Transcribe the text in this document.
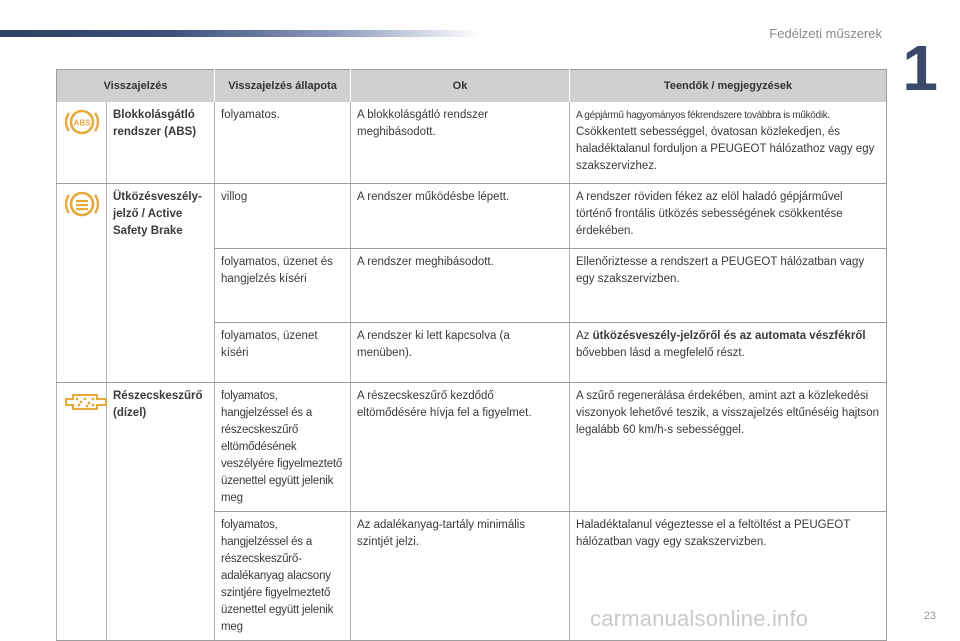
Fedélzeti műszerek 1
Visszajelzés		Visszajelzés állapota	Ok	Teendők / megjegyzések

ABS	Blokkolásgátló rendszer (ABS)	folyamatos.	A blokkolásgátló rendszer meghibásodott.	A gépjármű hagyományos fékrendszere továbbra is működik.
Csökkentett sebességgel, óvatosan közlekedjen, és haladéktalanul forduljon a PEUGEOT hálózathoz vagy egy szakszervizhez.
	Ütközésveszély-jelző / Active Safety Brake	villog	A rendszer működésbe lépett.	A rendszer röviden fékez az elöl haladó gépjárművel történő frontális ütközés sebességének csökkentése érdekében.
		folyamatos, üzenet és hangjelzés kíséri	A rendszer meghibásodott.	Ellenőriztesse a rendszert a PEUGEOT hálózatban vagy egy szakszervizben.
		folyamatos, üzenet kíséri	A rendszer ki lett kapcsolva (a menüben).	Az ütközésveszély-jelzőről és az automata vészfékről bővebben lásd a megfelelő részt.
	Részecskeszűrő (dízel)	folyamatos, hangjelzéssel és a részecskeszűrő eltömődésének veszélyére figyelmeztető üzenettel együtt jelenik meg	A részecskeszűrő kezdődő eltömődésére hívja fel a figyelmet.	A szűrő regenerálása érdekében, amint azt a közlekedési viszonyok lehetővé teszik, a visszajelzés eltűnéséig hajtson legalább 60 km/h-s sebességgel.
		folyamatos, hangjelzéssel és a részecskeszűrő-adalékanyag alacsony szintjére figyelmeztető üzenettel együtt jelenik meg	Az adalékanyag-tartály minimális szintjét jelzi.	Haladéktalanul végeztesse el a feltöltést a PEUGEOT hálózatban vagy egy szakszervizben.
carmanualsonline.info	23
